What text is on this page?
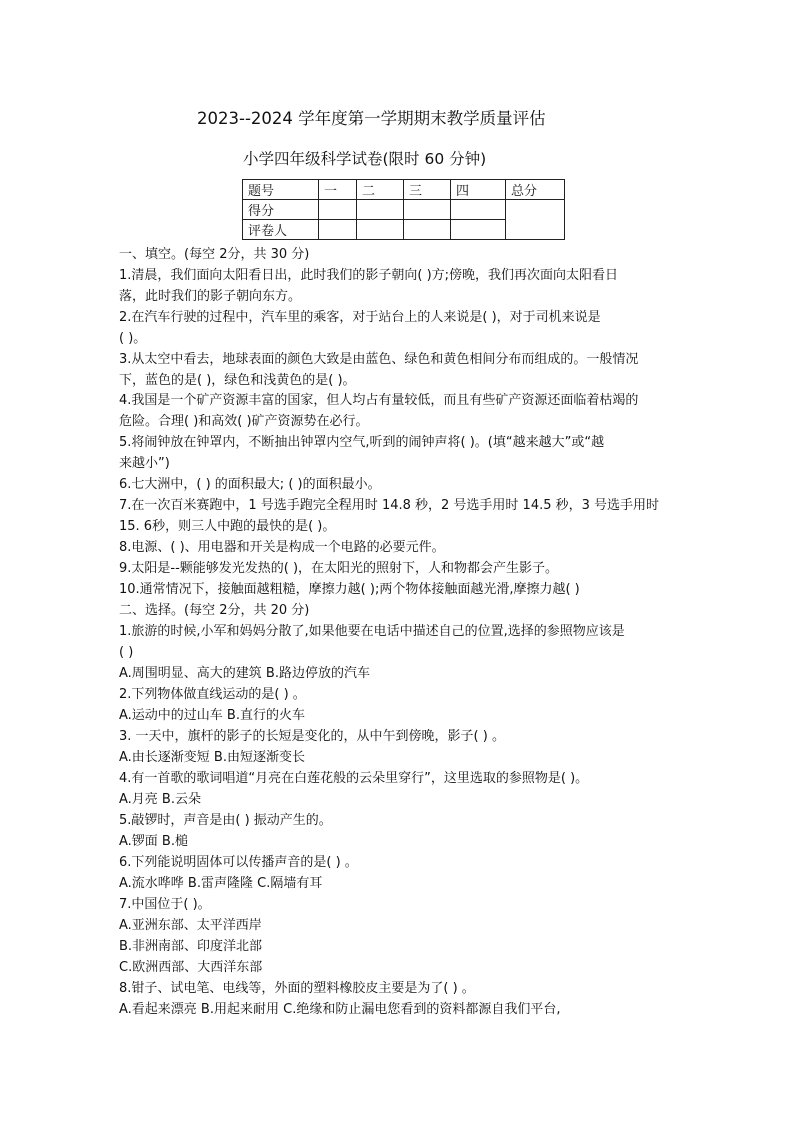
2023-‐2024 学年度第一学期期末教学质量评估
小学四年级科学试卷(限时 60 分钟)
题号	一	二	三	四	总分
得分					
评卷人					
一、填空。(每空 2分，共 30 分)
1.清晨，我们面向太阳看日出，此时我们的影子朝向( )方;傍晚，我们再次面向太阳看日
落，此时我们的影子朝向东方。
2.在汽车行驶的过程中，汽车里的乘客，对于站台上的人来说是( )，对于司机来说是
( )。
3.从太空中看去，地球表面的颜色大致是由蓝色、绿色和黄色相间分布而组成的。一般情况
下，蓝色的是( )，绿色和浅黄色的是( )。
4.我国是一个矿产资源丰富的国家，但人均占有量较低，而且有些矿产资源还面临着枯竭的
危险。合理( )和高效( )矿产资源势在必行。
5.将闹钟放在钟罩内，不断抽出钟罩内空气,听到的闹钟声将( )。(填“越来越大”或“越
来越小”)
6.七大洲中，( ) 的面积最大; ( )的面积最小。
7.在一次百米赛跑中，1 号选手跑完全程用时 14.8 秒，2 号选手用时 14.5 秒，3 号选手用时
15. 6秒，则三人中跑的最快的是( )。
8.电源、( )、用电器和开关是构成一个电路的必要元件。
9.太阳是--颗能够发光发热的( )，在太阳光的照射下，人和物都会产生影子。
10.通常情况下，接触面越粗糙，摩擦力越( );两个物体接触面越光滑,摩擦力越( )
二、选择。(每空 2分，共 20 分)
1.旅游的时候,小军和妈妈分散了,如果他要在电话中描述自己的位置,选择的参照物应该是
( )
A.周围明显、高大的建筑 B.路边停放的汽车
2.下列物体做直线运动的是( ) 。
A.运动中的过山车 B.直行的火车
3. 一天中，旗杆的影子的长短是变化的，从中午到傍晚，影子( ) 。
A.由长逐渐变短 B.由短逐渐变长
4.有一首歌的歌词唱道“月亮在白莲花般的云朵里穿行”，这里选取的参照物是( )。
A.月亮 B.云朵
5.敲锣时，声音是由( ) 振动产生的。
A.锣面 B.槌
6.下列能说明固体可以传播声音的是( ) 。
A.流水哗哗 B.雷声隆隆 C.隔墙有耳
7.中国位于( )。
A.亚洲东部、太平洋西岸
B.非洲南部、印度洋北部
C.欧洲西部、大西洋东部
8.钳子、试电笔、电线等，外面的塑料橡胶皮主要是为了( ) 。
A.看起来漂亮 B.用起来耐用 C.绝缘和防止漏电您看到的资料都源自我们平台,
